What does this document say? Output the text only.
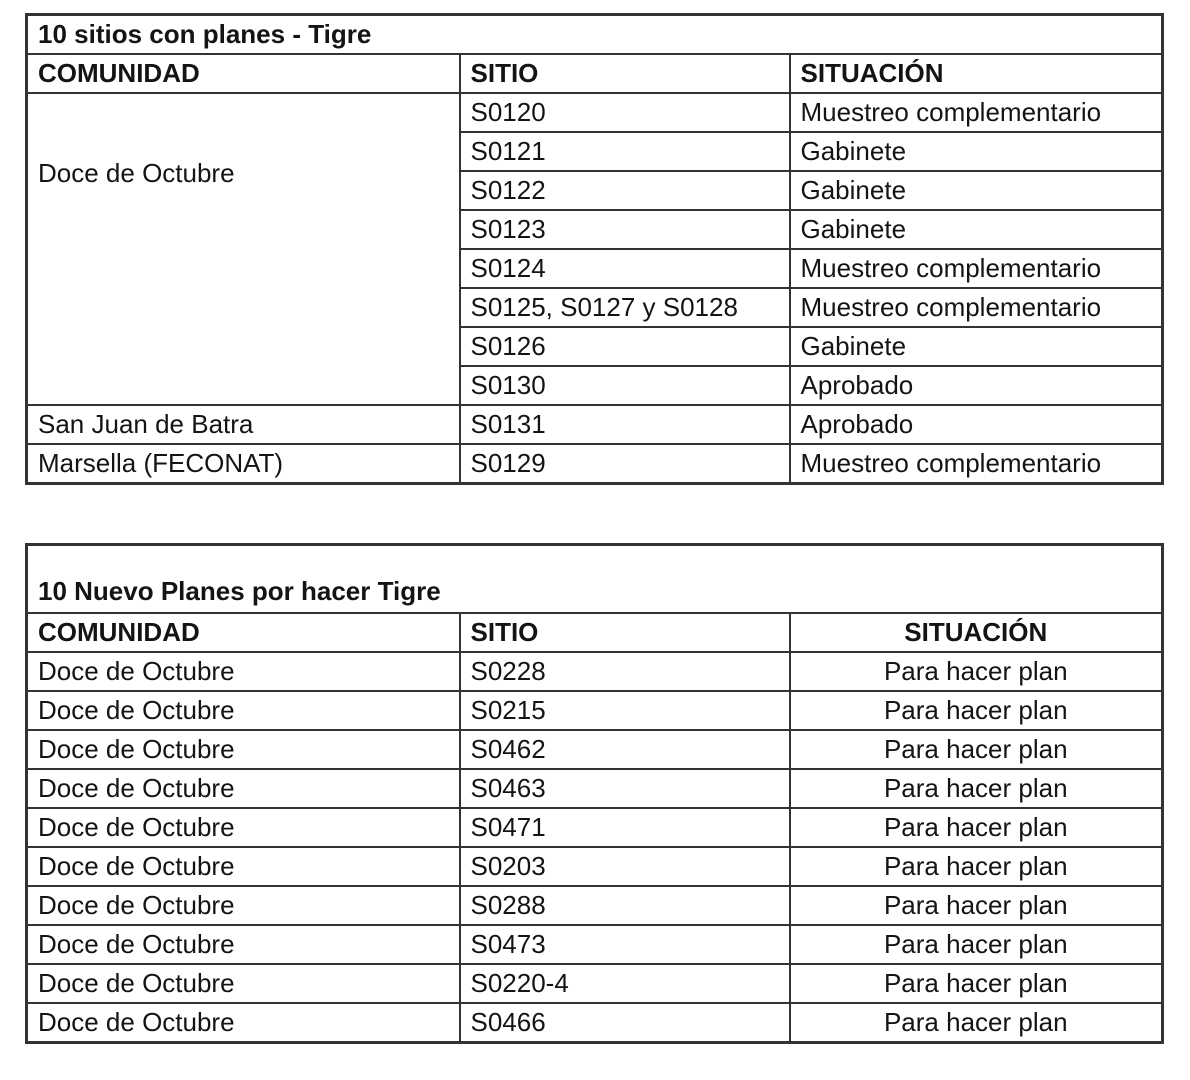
10 sitios con planes - Tigre		
COMUNIDAD	SITIO	SITUACIÓN
Doce de Octubre	S0120	Muestreo complementario
	S0121	Gabinete
	S0122	Gabinete
	S0123	Gabinete
	S0124	Muestreo complementario
	S0125, S0127 y S0128	Muestreo complementario
	S0126	Gabinete
	S0130	Aprobado
San Juan de Batra	S0131	Aprobado
Marsella (FECONAT)	S0129	Muestreo complementario
10 Nuevo Planes por hacer Tigre		
COMUNIDAD	SITIO	SITUACIÓN
Doce de Octubre	S0228	Para hacer plan
Doce de Octubre	S0215	Para hacer plan
Doce de Octubre	S0462	Para hacer plan
Doce de Octubre	S0463	Para hacer plan
Doce de Octubre	S0471	Para hacer plan
Doce de Octubre	S0203	Para hacer plan
Doce de Octubre	S0288	Para hacer plan
Doce de Octubre	S0473	Para hacer plan
Doce de Octubre	S0220-4	Para hacer plan
Doce de Octubre	S0466	Para hacer plan
